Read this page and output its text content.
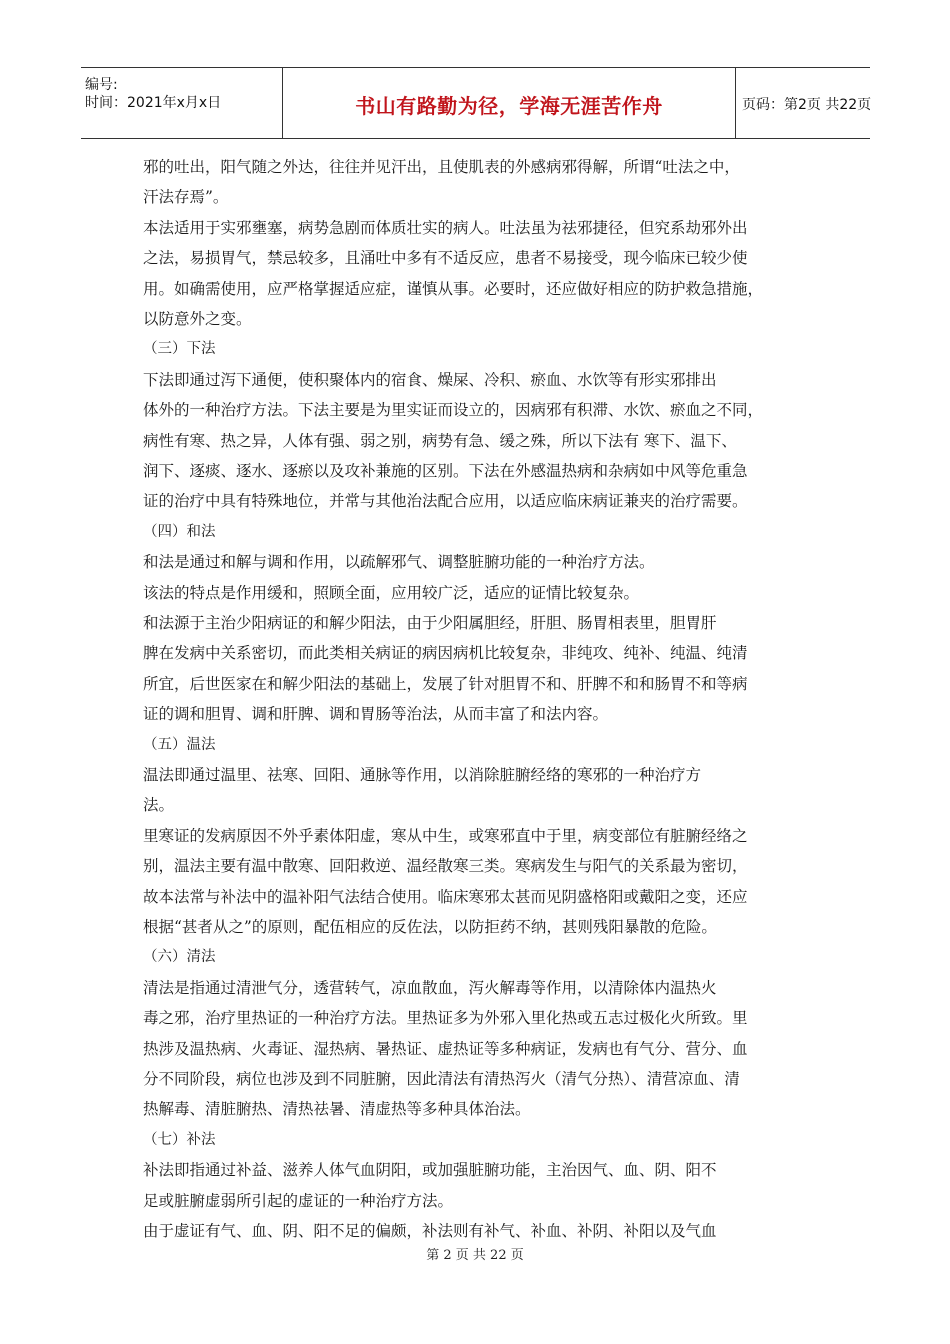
编号:
时间：2021年x月x日	书山有路勤为径，学海无涯苦作舟	页码：第2页 共22页
邪的吐出，阳气随之外达，往往并见汗出，且使肌表的外感病邪得解，所谓“吐法之中，
汗法存焉”。
本法适用于实邪壅塞，病势急剧而体质壮实的病人。吐法虽为祛邪捷径，但究系劫邪外出
之法，易损胃气，禁忌较多，且涌吐中多有不适反应，患者不易接受，现今临床已较少使
用。如确需使用，应严格掌握适应症，谨慎从事。必要时，还应做好相应的防护救急措施，
以防意外之变。
（三）下法
下法即通过泻下通便，使积聚体内的宿食、燥屎、冷积、瘀血、水饮等有形实邪排出
体外的一种治疗方法。下法主要是为里实证而设立的，因病邪有积滞、水饮、瘀血之不同，
病性有寒、热之异，人体有强、弱之别，病势有急、缓之殊，所以下法有 寒下、温下、
润下、逐痰、逐水、逐瘀以及攻补兼施的区别。下法在外感温热病和杂病如中风等危重急
证的治疗中具有特殊地位，并常与其他治法配合应用，以适应临床病证兼夹的治疗需要。
（四）和法
和法是通过和解与调和作用，以疏解邪气、调整脏腑功能的一种治疗方法。
该法的特点是作用缓和，照顾全面，应用较广泛，适应的证情比较复杂。
和法源于主治少阳病证的和解少阳法，由于少阳属胆经，肝胆、肠胃相表里，胆胃肝
脾在发病中关系密切，而此类相关病证的病因病机比较复杂，非纯攻、纯补、纯温、纯清
所宜，后世医家在和解少阳法的基础上，发展了针对胆胃不和、肝脾不和和肠胃不和等病
证的调和胆胃、调和肝脾、调和胃肠等治法，从而丰富了和法内容。
（五）温法
温法即通过温里、祛寒、回阳、通脉等作用，以消除脏腑经络的寒邪的一种治疗方
法。
里寒证的发病原因不外乎素体阳虚，寒从中生，或寒邪直中于里，病变部位有脏腑经络之
别，温法主要有温中散寒、回阳救逆、温经散寒三类。寒病发生与阳气的关系最为密切，
故本法常与补法中的温补阳气法结合使用。临床寒邪太甚而见阴盛格阳或戴阳之变，还应
根据“甚者从之”的原则，配伍相应的反佐法，以防拒药不纳，甚则残阳暴散的危险。
（六）清法
清法是指通过清泄气分，透营转气，凉血散血，泻火解毒等作用，以清除体内温热火
毒之邪，治疗里热证的一种治疗方法。里热证多为外邪入里化热或五志过极化火所致。里
热涉及温热病、火毒证、湿热病、暑热证、虚热证等多种病证，发病也有气分、营分、血
分不同阶段，病位也涉及到不同脏腑，因此清法有清热泻火（清气分热）、清营凉血、清
热解毒、清脏腑热、清热祛暑、清虚热等多种具体治法。
（七）补法
补法即指通过补益、滋养人体气血阴阳，或加强脏腑功能，主治因气、血、阴、阳不
足或脏腑虚弱所引起的虚证的一种治疗方法。
由于虚证有气、血、阴、阳不足的偏颇，补法则有补气、补血、补阴、补阳以及气血
第 2 页 共 22 页
